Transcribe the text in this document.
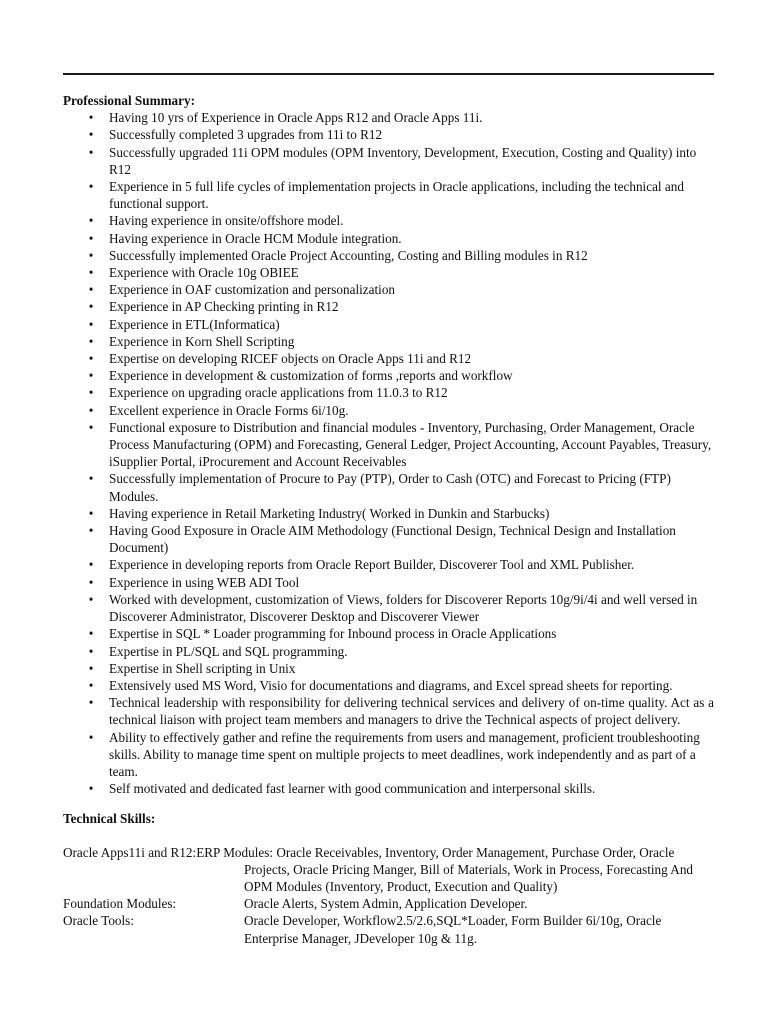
Professional Summary:

• Having 10 yrs of Experience in Oracle Apps R12 and Oracle Apps 11i.
• Successfully completed 3 upgrades from 11i to R12
• Successfully upgraded 11i OPM modules (OPM Inventory, Development, Execution, Costing and Quality) into R12
• Experience in 5 full life cycles of implementation projects in Oracle applications, including the technical and functional support.
• Having experience in onsite/offshore model.
• Having experience in Oracle HCM Module integration.
• Successfully implemented Oracle Project Accounting, Costing and Billing modules in R12
• Experience with Oracle 10g OBIEE
• Experience in OAF customization and personalization
• Experience in AP Checking printing in R12
• Experience in ETL(Informatica)
• Experience in Korn Shell Scripting
• Expertise on developing RICEF objects on Oracle Apps 11i and R12
• Experience in development & customization of forms ,reports and workflow
• Experience on upgrading oracle applications from 11.0.3 to R12
• Excellent experience in Oracle Forms 6i/10g.
• Functional exposure to Distribution and financial modules - Inventory, Purchasing, Order Management, Oracle Process Manufacturing (OPM) and Forecasting, General Ledger, Project Accounting, Account Payables, Treasury, iSupplier Portal, iProcurement and Account Receivables
• Successfully implementation of Procure to Pay (PTP), Order to Cash (OTC) and Forecast to Pricing (FTP) Modules.
• Having experience in Retail Marketing Industry( Worked in Dunkin and Starbucks)
• Having Good Exposure in Oracle AIM Methodology (Functional Design, Technical Design and Installation Document)
• Experience in developing reports from Oracle Report Builder, Discoverer Tool and XML Publisher.
• Experience in using WEB ADI Tool
• Worked with development, customization of Views, folders for Discoverer Reports 10g/9i/4i and well versed in Discoverer Administrator, Discoverer Desktop and Discoverer Viewer
• Expertise in SQL * Loader programming for Inbound process in Oracle Applications
• Expertise in PL/SQL and SQL programming.
• Expertise in Shell scripting in Unix
• Extensively used MS Word, Visio for documentations and diagrams, and Excel spread sheets for reporting.
• Technical leadership with responsibility for delivering technical services and delivery of on-time quality. Act as a technical liaison with project team members and managers to drive the Technical aspects of project delivery.
• Ability to effectively gather and refine the requirements from users and management, proficient troubleshooting skills. Ability to manage time spent on multiple projects to meet deadlines, work independently and as part of a team.
• Self motivated and dedicated fast learner with good communication and interpersonal skills.

Technical Skills:

Oracle Apps11i and R12:ERP Modules: Oracle Receivables, Inventory, Order Management, Purchase Order, Oracle Projects, Oracle Pricing Manger, Bill of Materials, Work in Process, Forecasting And OPM Modules (Inventory, Product, Execution and Quality)
Foundation Modules:	Oracle Alerts, System Admin, Application Developer.
Oracle Tools:	Oracle Developer, Workflow2.5/2.6,SQL*Loader, Form Builder 6i/10g, Oracle Enterprise Manager, JDeveloper 10g & 11g.
